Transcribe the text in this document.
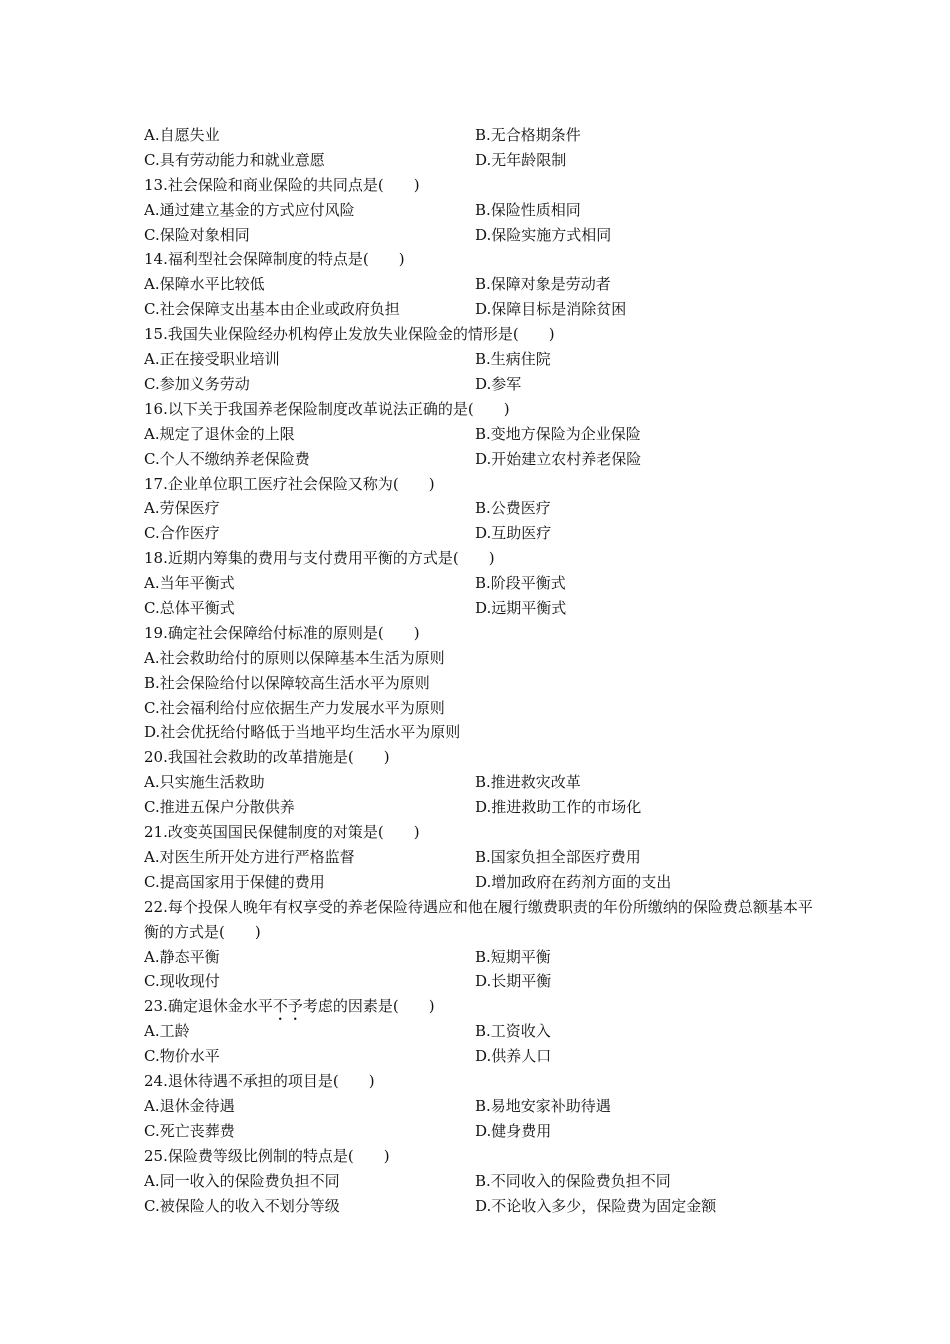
A.自愿失业	B.无合格期条件
C.具有劳动能力和就业意愿	D.无年龄限制
13.社会保险和商业保险的共同点是(　　)
A.通过建立基金的方式应付风险	B.保险性质相同
C.保险对象相同	D.保险实施方式相同
14.福利型社会保障制度的特点是(　　)
A.保障水平比较低	B.保障对象是劳动者
C.社会保障支出基本由企业或政府负担	D.保障目标是消除贫困
15.我国失业保险经办机构停止发放失业保险金的情形是(　　)
A.正在接受职业培训	B.生病住院
C.参加义务劳动	D.参军
16.以下关于我国养老保险制度改革说法正确的是(　　)
A.规定了退休金的上限	B.变地方保险为企业保险
C.个人不缴纳养老保险费	D.开始建立农村养老保险
17.企业单位职工医疗社会保险又称为(　　)
A.劳保医疗	B.公费医疗
C.合作医疗	D.互助医疗
18.近期内筹集的费用与支付费用平衡的方式是(　　)
A.当年平衡式	B.阶段平衡式
C.总体平衡式	D.远期平衡式
19.确定社会保障给付标准的原则是(　　)
A.社会救助给付的原则以保障基本生活为原则
B.社会保险给付以保障较高生活水平为原则
C.社会福利给付应依据生产力发展水平为原则
D.社会优抚给付略低于当地平均生活水平为原则
20.我国社会救助的改革措施是(　　)
A.只实施生活救助	B.推进救灾改革
C.推进五保户分散供养	D.推进救助工作的市场化
21.改变英国国民保健制度的对策是(　　)
A.对医生所开处方进行严格监督	B.国家负担全部医疗费用
C.提高国家用于保健的费用	D.增加政府在药剂方面的支出
22.每个投保人晚年有权享受的养老保险待遇应和他在履行缴费职责的年份所缴纳的保险费总额基本平衡的方式是(　　)
A.静态平衡	B.短期平衡
C.现收现付	D.长期平衡
23.确定退休金水平不予考虑的因素是(　　)
A.工龄	B.工资收入
C.物价水平	D.供养人口
24.退休待遇不承担的项目是(　　)
A.退休金待遇	B.易地安家补助待遇
C.死亡丧葬费	D.健身费用
25.保险费等级比例制的特点是(　　)
A.同一收入的保险费负担不同	B.不同收入的保险费负担不同
C.被保险人的收入不划分等级	D.不论收入多少，保险费为固定金额
